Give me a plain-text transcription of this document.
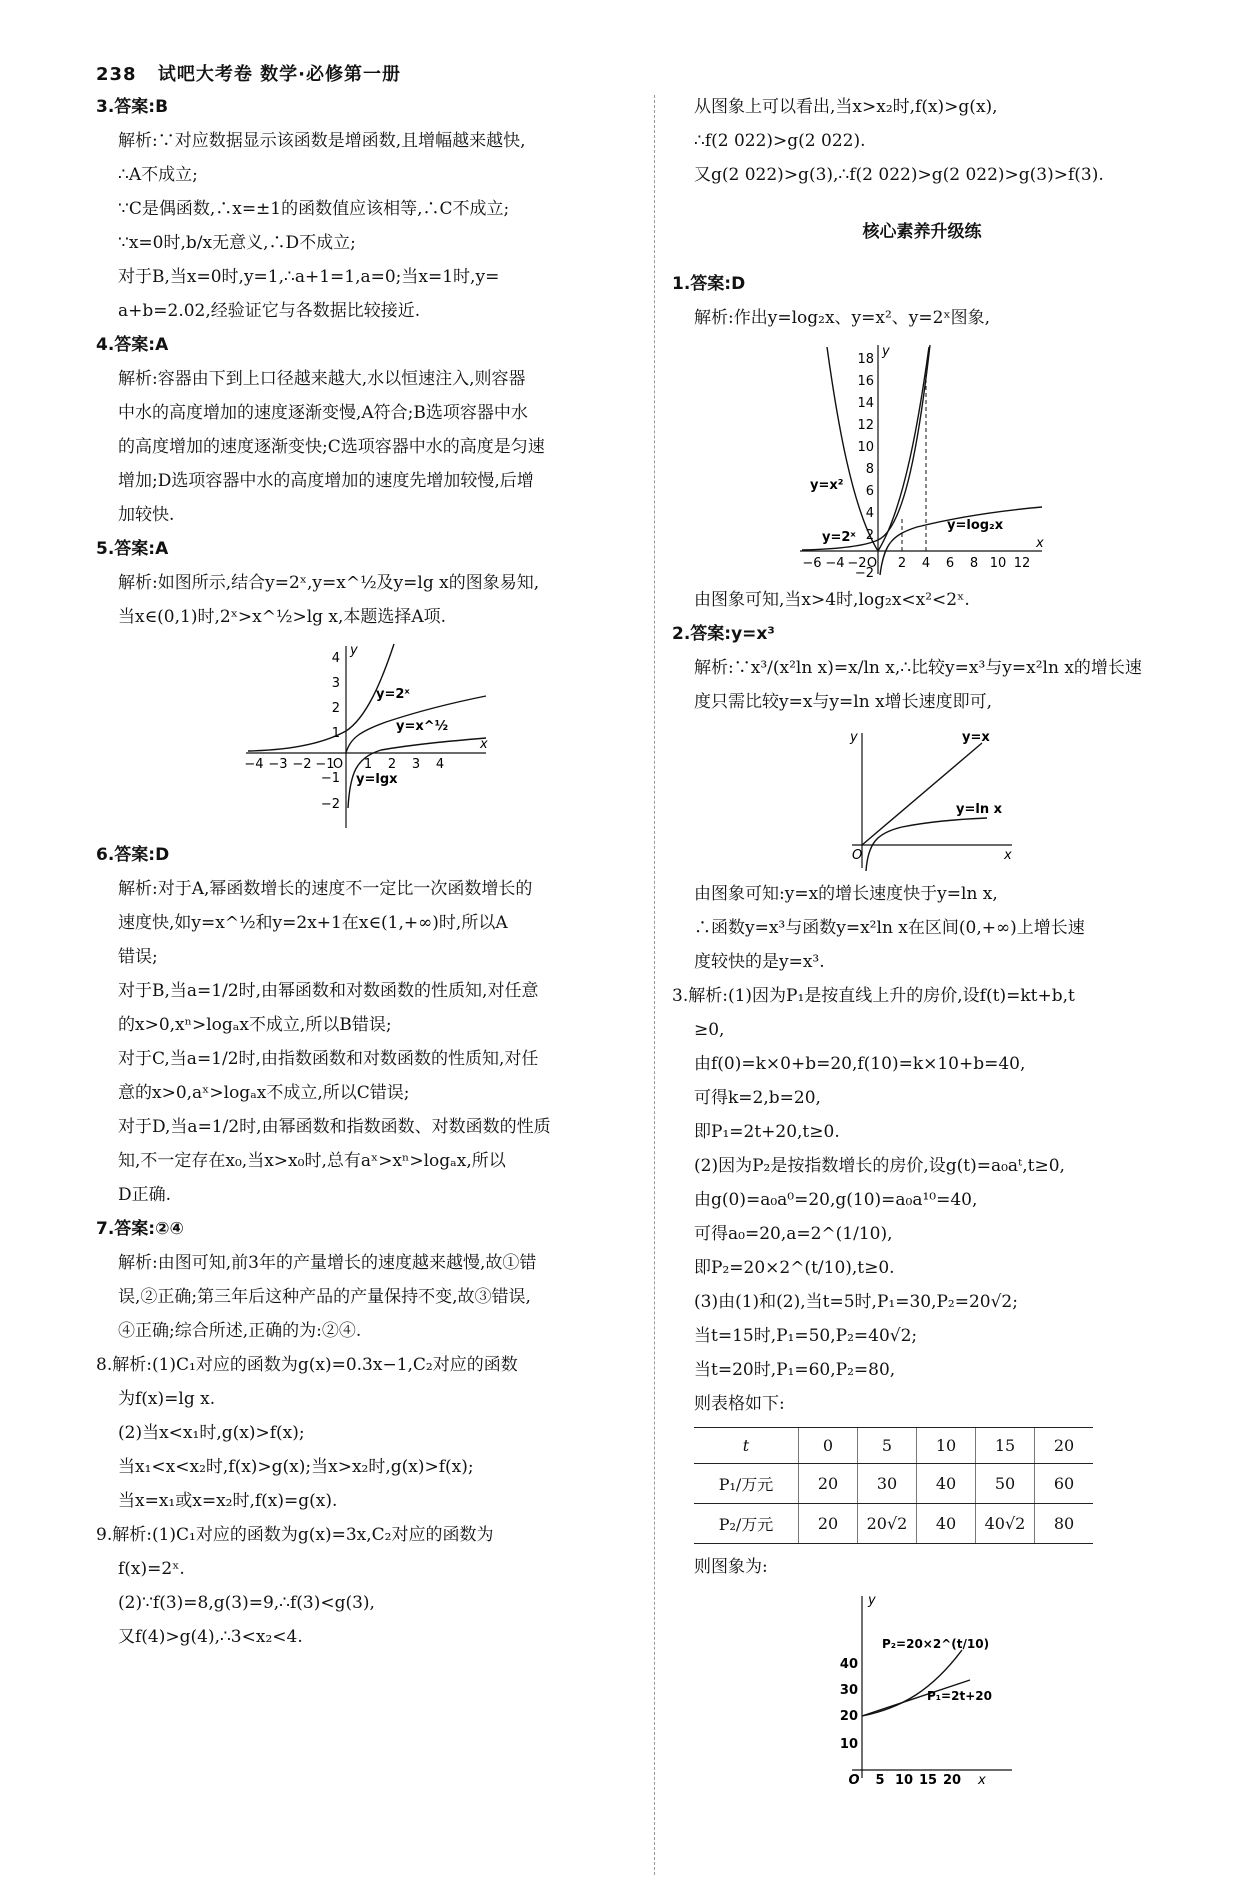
238 试吧大考卷 数学·必修第一册

3.答案:B

解析:∵对应数据显示该函数是增函数,且增幅越来越快,

∴A不成立;

∵C是偶函数,∴x=±1的函数值应该相等,∴C不成立;

∵x=0时,b/x无意义,∴D不成立;

对于B,当x=0时,y=1,∴a+1=1,a=0;当x=1时,y=

a+b=2.02,经验证它与各数据比较接近.

4.答案:A

解析:容器由下到上口径越来越大,水以恒速注入,则容器

中水的高度增加的速度逐渐变慢,A符合;B选项容器中水

的高度增加的速度逐渐变快;C选项容器中水的高度是匀速

增加;D选项容器中水的高度增加的速度先增加较慢,后增

加较快.

5.答案:A

解析:如图所示,结合y=2ˣ,y=x^½及y=lg x的图象易知,

当x∈(0,1)时,2ˣ>x^½>lg x,本题选择A项.

−4 −3 −2 −1
O 1 2 3 4
4
3
2
1
−1
−2
x
y
y=2ˣ
y=x^½
y=lgx

6.答案:D

解析:对于A,幂函数增长的速度不一定比一次函数增长的

速度快,如y=x^½和y=2x+1在x∈(1,+∞)时,所以A

错误;

对于B,当a=1/2时,由幂函数和对数函数的性质知,对任意

的x>0,xⁿ>logₐx不成立,所以B错误;

对于C,当a=1/2时,由指数函数和对数函数的性质知,对任

意的x>0,aˣ>logₐx不成立,所以C错误;

对于D,当a=1/2时,由幂函数和指数函数、对数函数的性质

知,不一定存在x₀,当x>x₀时,总有aˣ>xⁿ>logₐx,所以

D正确.

7.答案:②④

解析:由图可知,前3年的产量增长的速度越来越慢,故①错

误,②正确;第三年后这种产品的产量保持不变,故③错误,

④正确;综合所述,正确的为:②④.

8.解析:(1)C₁对应的函数为g(x)=0.3x−1,C₂对应的函数

为f(x)=lg x.

(2)当x<x₁时,g(x)>f(x);

当x₁<x<x₂时,f(x)>g(x);当x>x₂时,g(x)>f(x);

当x=x₁或x=x₂时,f(x)=g(x).

9.解析:(1)C₁对应的函数为g(x)=3x,C₂对应的函数为

f(x)=2ˣ.

(2)∵f(3)=8,g(3)=9,∴f(3)<g(3),

又f(4)>g(4),∴3<x₂<4.

从图象上可以看出,当x>x₂时,f(x)>g(x),

∴f(2 022)>g(2 022).

又g(2 022)>g(3),∴f(2 022)>g(2 022)>g(3)>f(3).

核心素养升级练

1.答案:D

解析:作出y=log₂x、y=x²、y=2ˣ图象,

−6 −4 −2 O 2 4 6 8 10 12
18
16
14
12
10
8
6
4
2
−2
x
y
y=x²
y=2ˣ
y=log₂x

由图象可知,当x>4时,log₂x<x²<2ˣ.

2.答案:y=x³

解析:∵x³/(x²ln x)=x/ln x,∴比较y=x³与y=x²ln x的增长速

度只需比较y=x与y=ln x增长速度即可,

x
y
O
y=x
y=ln x

由图象可知:y=x的增长速度快于y=ln x,

∴函数y=x³与函数y=x²ln x在区间(0,+∞)上增长速

度较快的是y=x³.

3.解析:(1)因为P₁是按直线上升的房价,设f(t)=kt+b,t

≥0,

由f(0)=k×0+b=20,f(10)=k×10+b=40,

可得k=2,b=20,

即P₁=2t+20,t≥0.

(2)因为P₂是按指数增长的房价,设g(t)=a₀aᵗ,t≥0,

由g(0)=a₀a⁰=20,g(10)=a₀a¹⁰=40,

可得a₀=20,a=2^(1/10),

即P₂=20×2^(t/10),t≥0.

(3)由(1)和(2),当t=5时,P₁=30,P₂=20√2;

当t=15时,P₁=50,P₂=40√2;

当t=20时,P₁=60,P₂=80,

则表格如下:

t	0	5	10	15	20
P₁/万元	20	30	40	50	60
P₂/万元	20	20√2	40	40√2	80

则图象为:

O 5 10 15 20
40
30
20
10
x
y
P₂=20×2^(t/10)
P₁=2t+20
